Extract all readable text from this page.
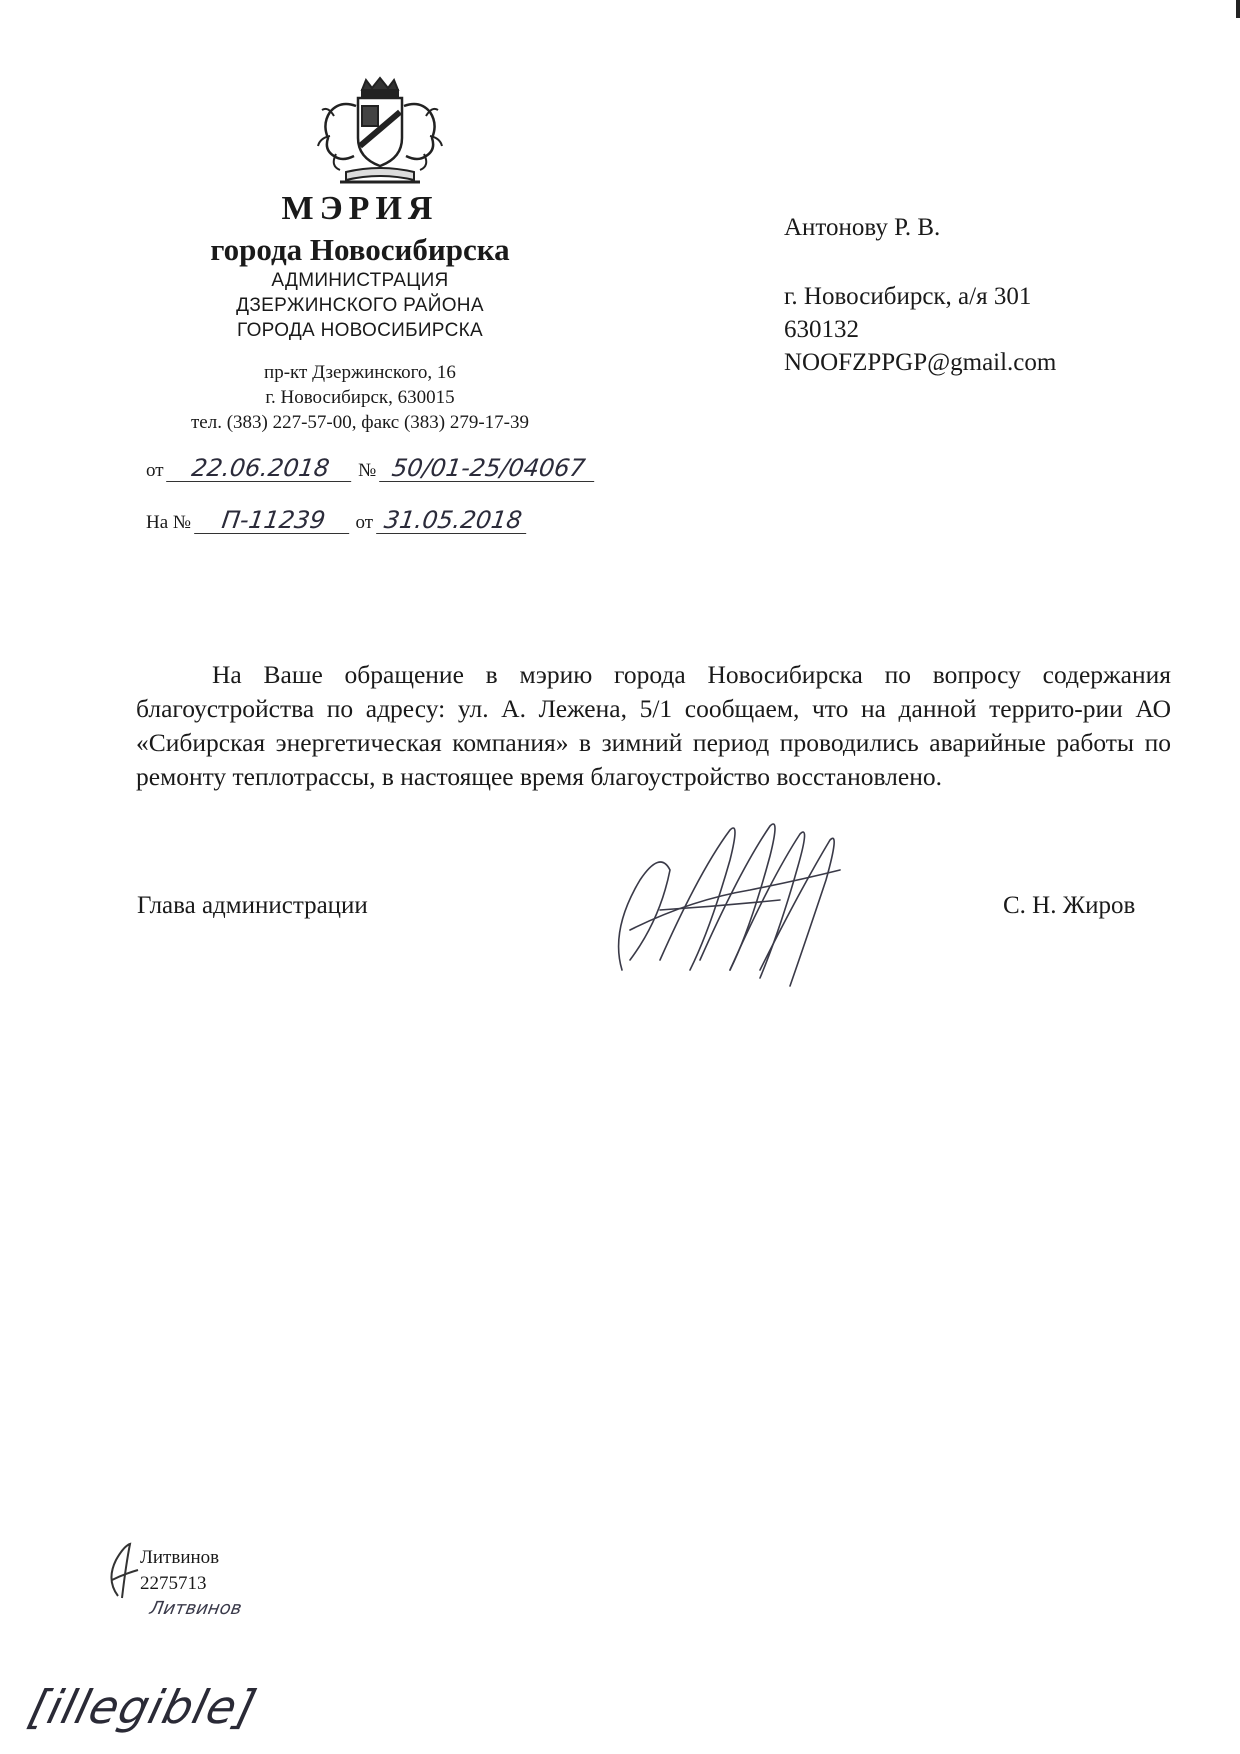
МЭРИЯ
города Новосибирска
АДМИНИСТРАЦИЯ
ДЗЕРЖИНСКОГО РАЙОНА
ГОРОДА НОВОСИБИРСКА
пр-кт Дзержинского, 16
г. Новосибирск, 630015
тел. (383) 227-57-00, факс (383) 279-17-39
от 22.06.2018 № 50/01-25/04067
На № П-11239 от 31.05.2018
Антонову Р. В.
г. Новосибирск, а/я 301
630132
NOOFZPPGP@gmail.com

На Ваше обращение в мэрию города Новосибирска по вопросу содержания благоустройства по адресу: ул. А. Лежена, 5/1 сообщаем, что на данной террито-рии АО «Сибирская энергетическая компания» в зимний период проводились аварийные работы по ремонту теплотрассы, в настоящее время благоустройство восстановлено.

Глава администрации	С. Н. Жиров
Литвинов
2275713
Литвинов
[illegible]
